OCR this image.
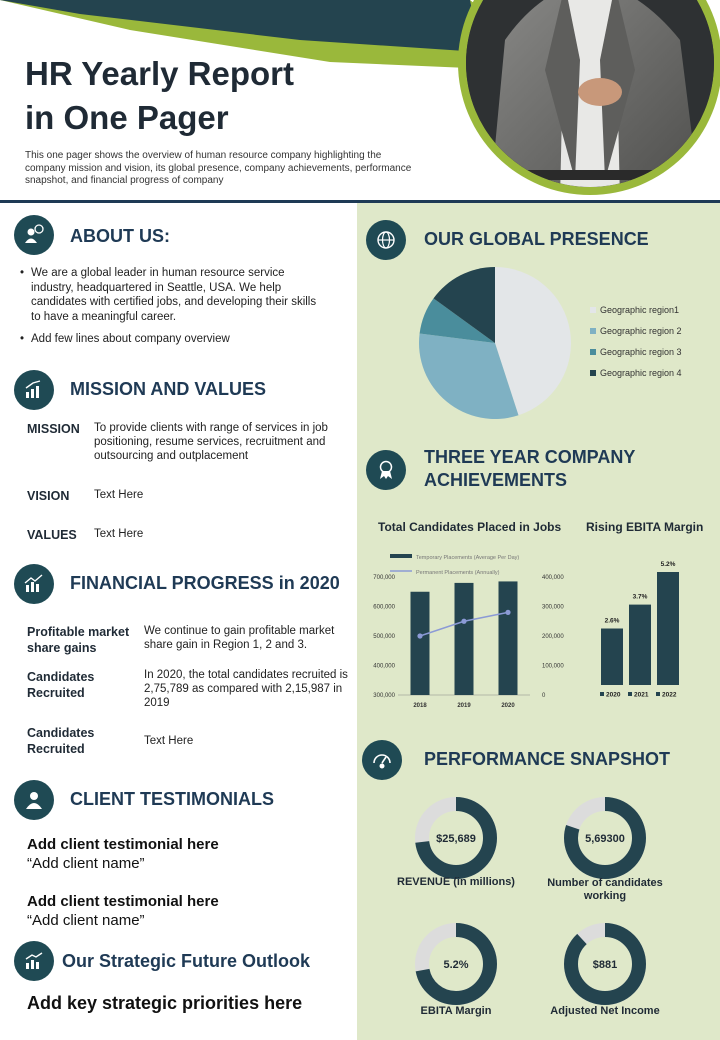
HR Yearly Report
in One Pager
This one pager shows the overview of human resource company highlighting the company mission and vision, its global presence, company achievements, performance snapshot, and financial progress of company
ABOUT US:
• We are a global leader in human resource service industry, headquartered in Seattle, USA. We help candidates with certified jobs, and developing their skills to have a meaningful career.
• Add few lines about company overview
MISSION AND VALUES
MISSION To provide clients with range of services in job positioning, resume services, recruitment and outsourcing and outplacement
VISION Text Here
VALUES Text Here
FINANCIAL PROGRESS in 2020
Profitable market share gains
We continue to gain profitable market share gain in Region 1, 2 and 3.
Candidates Recruited
In 2020, the total candidates recruited is 2,75,789 as compared with 2,15,987 in 2019
Candidates Recruited
Text Here
CLIENT TESTIMONIALS
Add client testimonial here
“Add client name”
Add client testimonial here
“Add client name”
Our Strategic Future Outlook
Add key strategic priorities here
OUR GLOBAL PRESENCE
Geographic region1
Geographic region 2
Geographic region 3
Geographic region 4
THREE YEAR COMPANY
ACHIEVEMENTS
Total Candidates Placed in Jobs Rising EBITA Margin
Temporary Placements (Average Per Day)
Permanent Placements (Annually)
300,000
400,000
500,000
600,000
700,000
0
100,000
200,000
300,000
400,000
2018	2019	2020
2.6%
2020
3.7%
2021
5.2%
2022
PERFORMANCE SNAPSHOT
$25,689
REVENUE (in millions)
5,69300
Number of candidates working
5.2%
EBITA Margin
$881
Adjusted Net Income
